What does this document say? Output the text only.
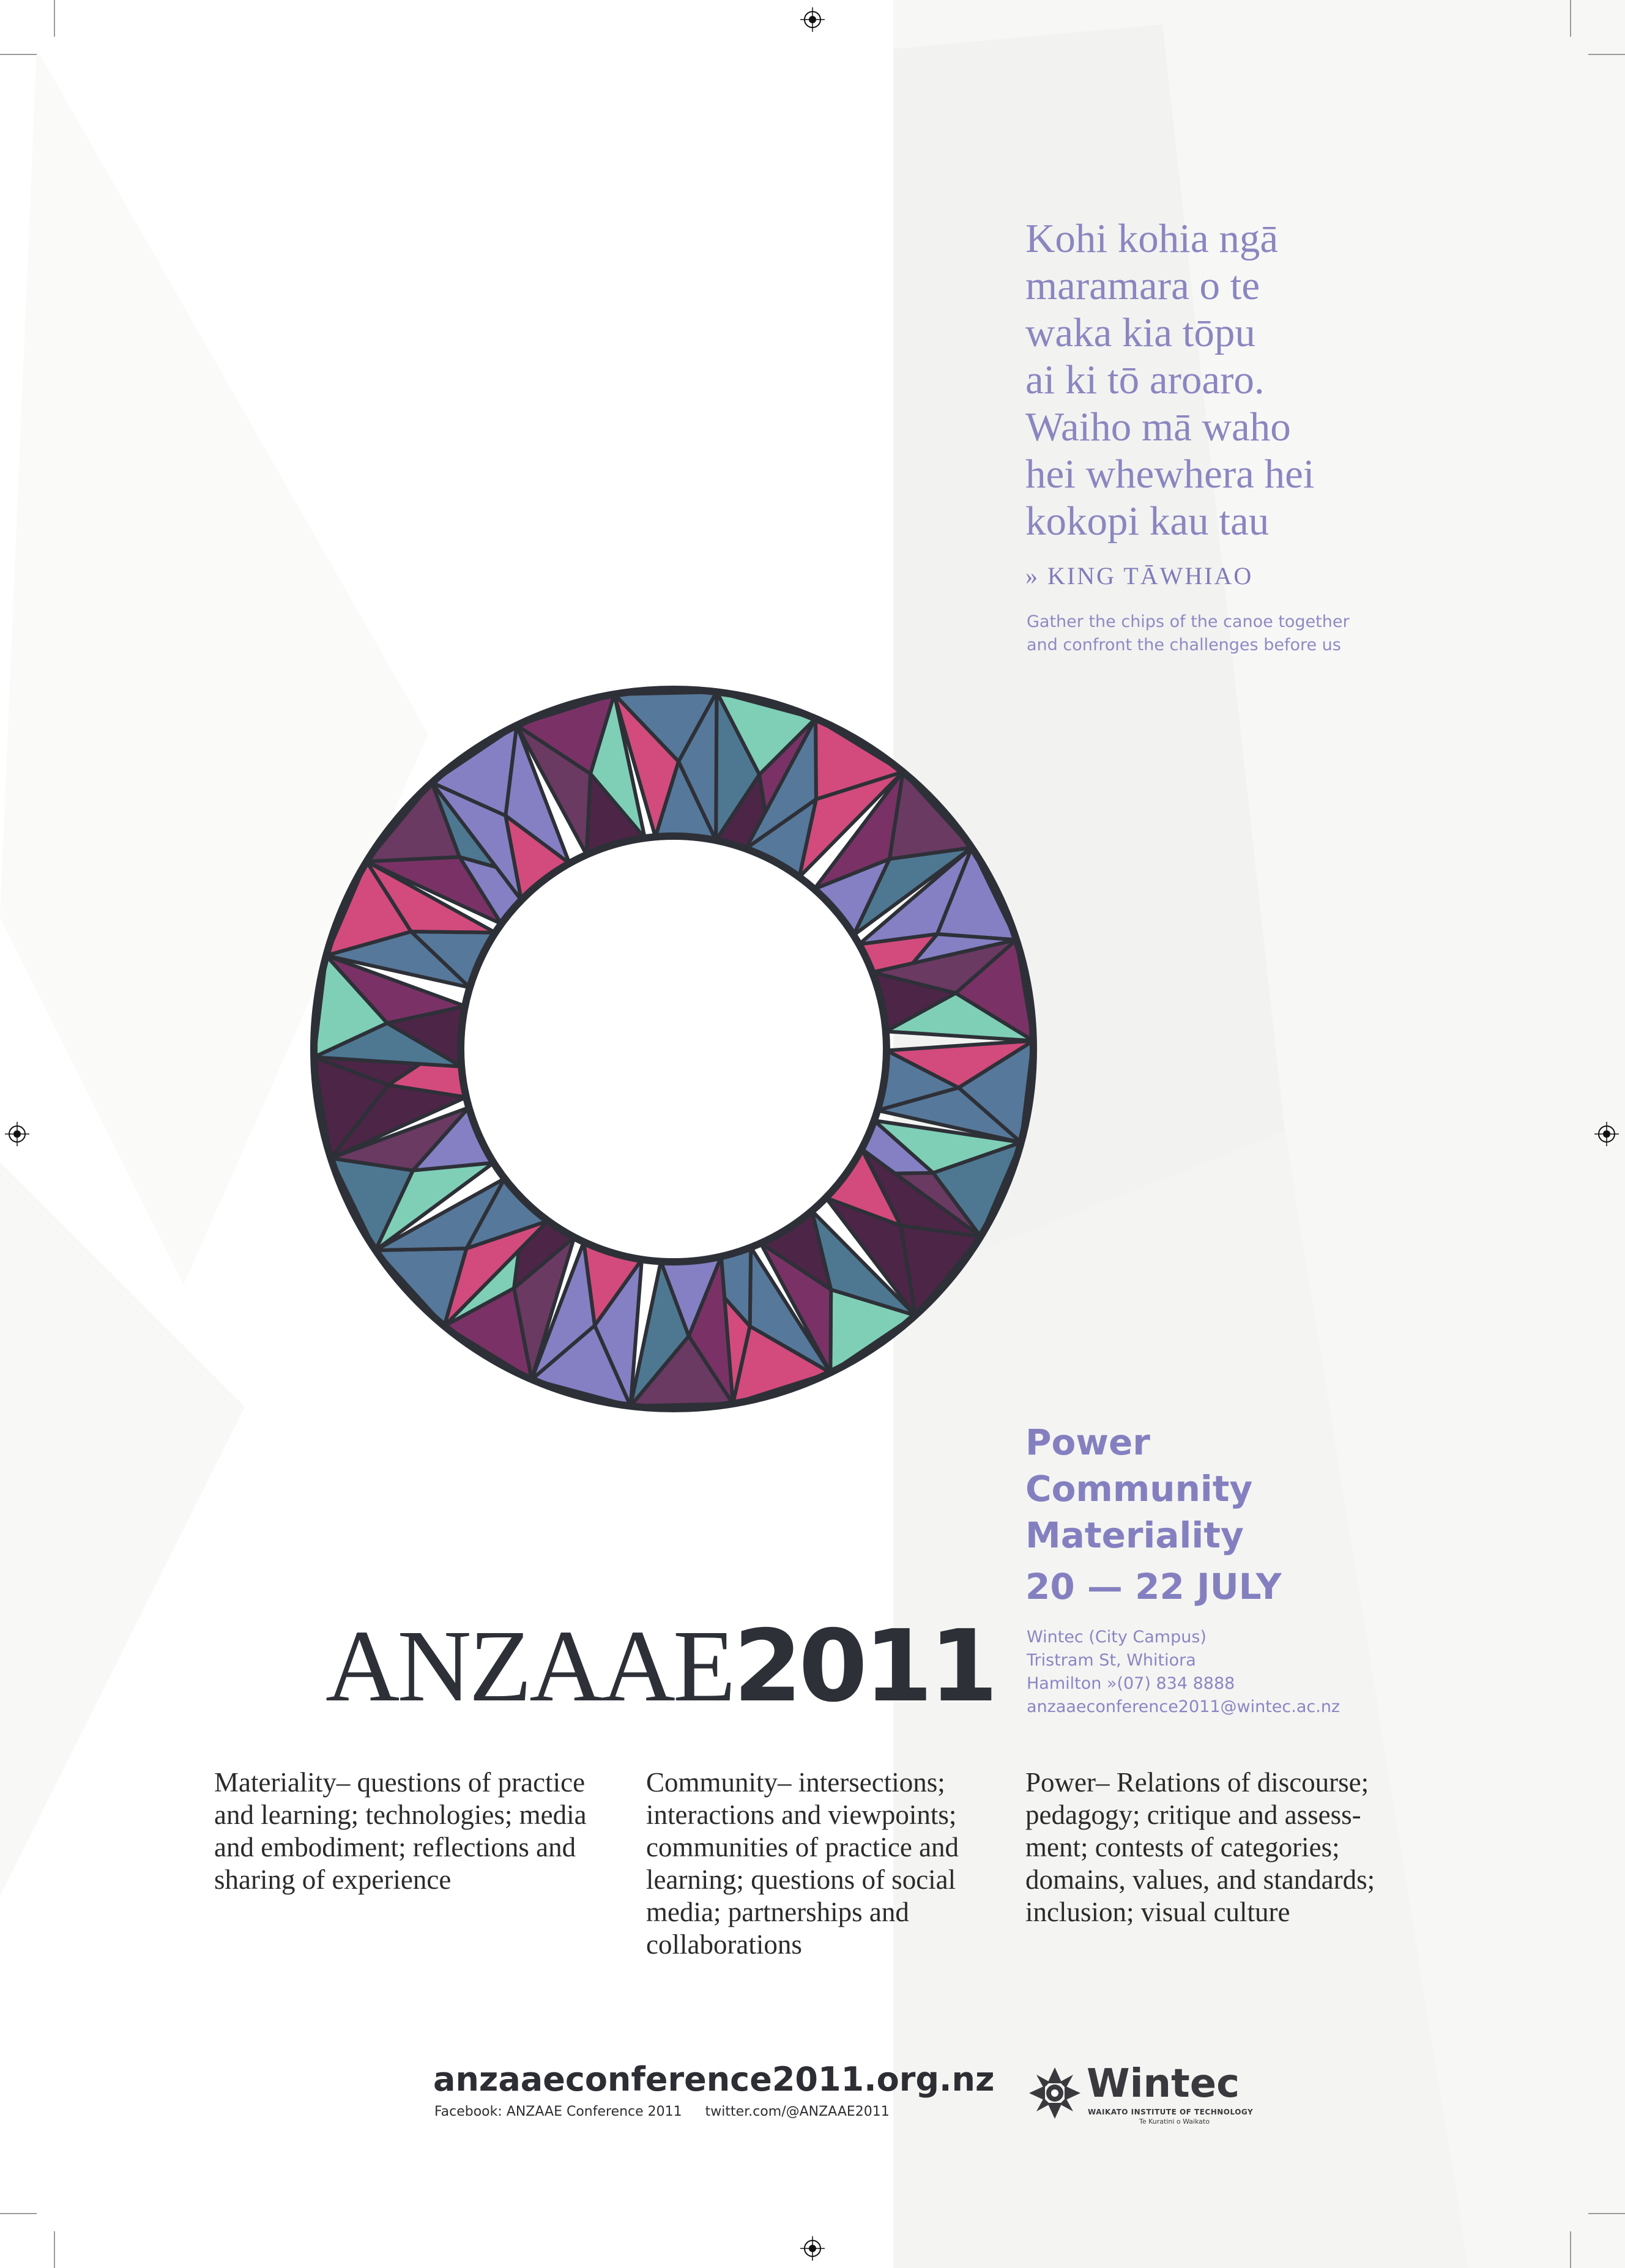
Kohi kohia ngā
maramara o te
waka kia tōpu
ai ki tō aroaro.
Waiho mā waho
hei whewhera hei
kokopi kau tau
» KING TĀWHIAO
Gather the chips of the canoe together
and confront the challenges before us
Power
Community
Materiality
20 — 22 JULY
Wintec (City Campus)
Tristram St, Whitiora
Hamilton »(07) 834 8888
anzaaeconference2011@wintec.ac.nz
ANZAAE2011
Materiality– questions of practice
and learning; technologies; media
and embodiment; reflections and
sharing of experience
Community– intersections;
interactions and viewpoints;
communities of practice and
learning; questions of social
media; partnerships and
collaborations
Power– Relations of discourse;
pedagogy; critique and assess-
ment; contests of categories;
domains, values, and standards;
inclusion; visual culture
anzaaeconference2011.org.nz
Facebook: ANZAAE Conference 2011 twitter.com/@ANZAAE2011
Wintec
WAIKATO INSTITUTE OF TECHNOLOGY
Te Kuratini o Waikato
